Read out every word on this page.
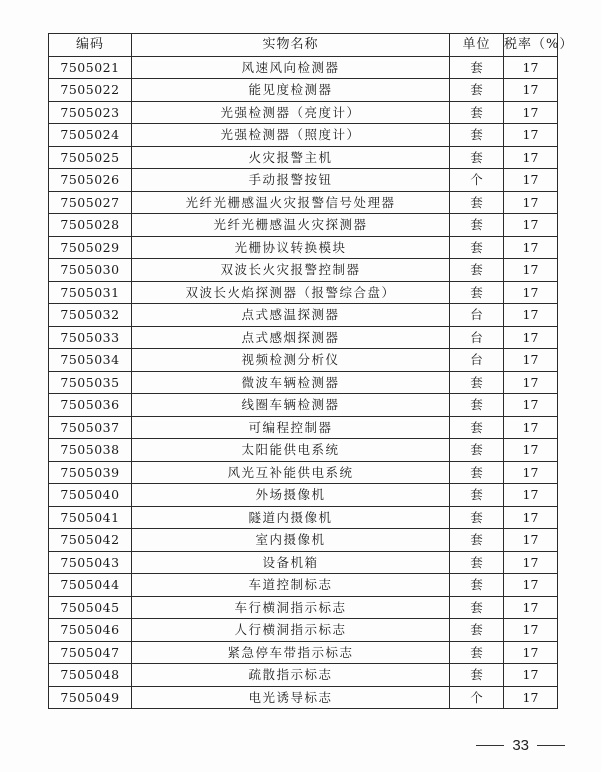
编码	实物名称	单位	税率（%）
7505021	风速风向检测器	套	17
7505022	能见度检测器	套	17
7505023	光强检测器（亮度计）	套	17
7505024	光强检测器（照度计）	套	17
7505025	火灾报警主机	套	17
7505026	手动报警按钮	个	17
7505027	光纤光栅感温火灾报警信号处理器	套	17
7505028	光纤光栅感温火灾探测器	套	17
7505029	光栅协议转换模块	套	17
7505030	双波长火灾报警控制器	套	17
7505031	双波长火焰探测器（报警综合盘）	套	17
7505032	点式感温探测器	台	17
7505033	点式感烟探测器	台	17
7505034	视频检测分析仪	台	17
7505035	微波车辆检测器	套	17
7505036	线圈车辆检测器	套	17
7505037	可编程控制器	套	17
7505038	太阳能供电系统	套	17
7505039	风光互补能供电系统	套	17
7505040	外场摄像机	套	17
7505041	隧道内摄像机	套	17
7505042	室内摄像机	套	17
7505043	设备机箱	套	17
7505044	车道控制标志	套	17
7505045	车行横洞指示标志	套	17
7505046	人行横洞指示标志	套	17
7505047	紧急停车带指示标志	套	17
7505048	疏散指示标志	套	17
7505049	电光诱导标志	个	17
33
